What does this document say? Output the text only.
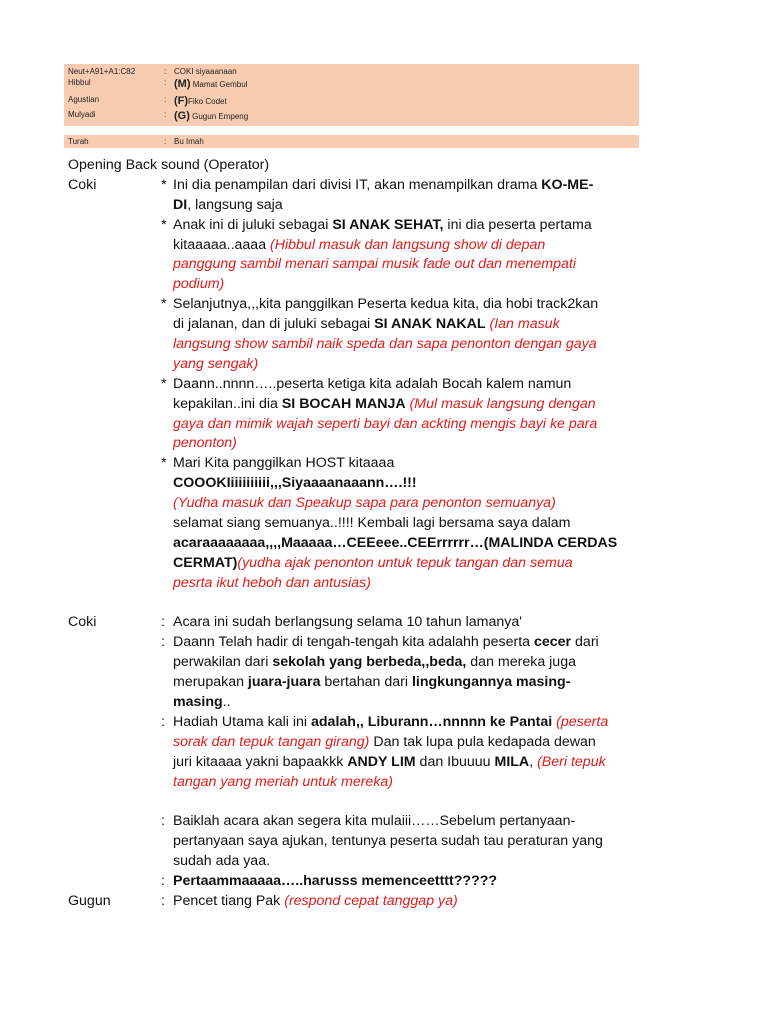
Neut+A91+A1:C82	: COKI siyaaanaan
Hibbul	: (M) Mamat Gembul
Agustian	: (F)Fiko Codet
Mulyadi	: (G) Gugun Empeng
Turah	: Bu Imah
Opening Back sound (Operator)
Coki	* Ini dia penampilan dari divisi IT, akan menampilkan drama KO-ME-
DI, langsung saja
* Anak ini di juluki sebagai SI ANAK SEHAT, ini dia peserta pertama
kitaaaaa..aaaa (Hibbul masuk dan langsung show di depan
panggung sambil menari sampai musik fade out dan menempati
podium)
* Selanjutnya,,,kita panggilkan Peserta kedua kita, dia hobi track2kan
di jalanan, dan di juluki sebagai SI ANAK NAKAL (Ian masuk
langsung show sambil naik speda dan sapa penonton dengan gaya
yang sengak)
* Daann..nnnn…..peserta ketiga kita adalah Bocah kalem namun
kepakilan..ini dia SI BOCAH MANJA (Mul masuk langsung dengan
gaya dan mimik wajah seperti bayi dan ackting mengis bayi ke para
penonton)
* Mari Kita panggilkan HOST kitaaaa
COOOKIiiiiiiiiii,,,Siyaaaanaaann….!!!
(Yudha masuk dan Speakup sapa para penonton semuanya)
selamat siang semuanya..!!!! Kembali lagi bersama saya dalam
acaraaaaaaaa,,,,Maaaaa…CEEeee..CEErrrrrr…(MALINDA CERDAS
CERMAT)(yudha ajak penonton untuk tepuk tangan dan semua
pesrta ikut heboh dan antusias)
Coki	: Acara ini sudah berlangsung selama 10 tahun lamanya'
: Daann Telah hadir di tengah-tengah kita adalahh peserta cecer dari
perwakilan dari sekolah yang berbeda,,beda, dan mereka juga
merupakan juara-juara bertahan dari lingkungannya masing-
masing..
: Hadiah Utama kali ini adalah,, Liburann…nnnnn ke Pantai (peserta
sorak dan tepuk tangan girang) Dan tak lupa pula kedapada dewan
juri kitaaaa yakni bapaakkk ANDY LIM dan Ibuuuu MILA, (Beri tepuk
tangan yang meriah untuk mereka)
: Baiklah acara akan segera kita mulaiii……Sebelum pertanyaan-
pertanyaan saya ajukan, tentunya peserta sudah tau peraturan yang
sudah ada yaa.
: Pertaammaaaaa…..harusss memenceetttt?????
Gugun	: Pencet tiang Pak (respond cepat tanggap ya)
